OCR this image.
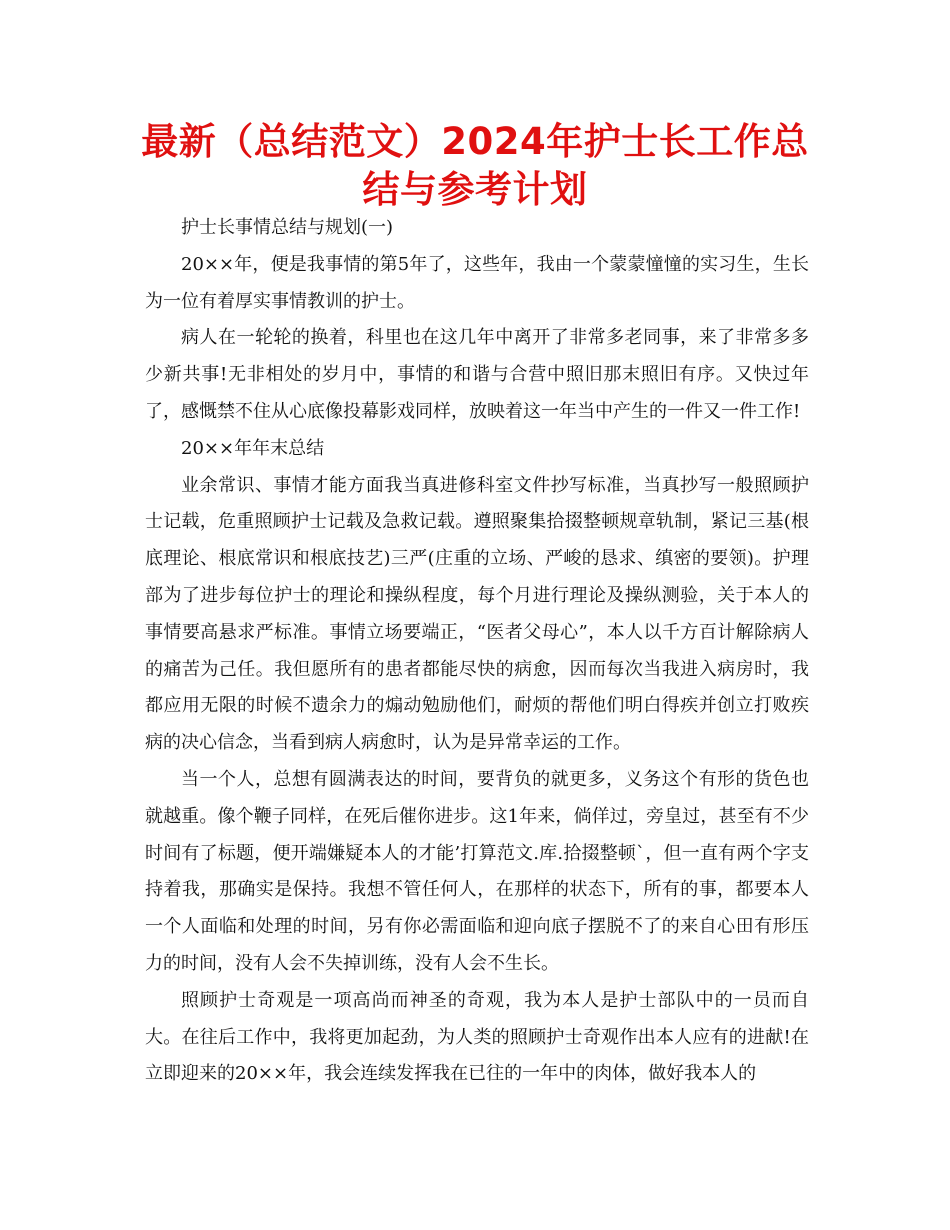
最新（总结范文）2024年护士长工作总结与参考计划

护士长事情总结与规划(一)

20××年，便是我事情的第5年了，这些年，我由一个蒙蒙憧憧的实习生，生长为一位有着厚实事情教训的护士。

病人在一轮轮的换着，科里也在这几年中离开了非常多老同事，来了非常多多少新共事!无非相处的岁月中，事情的和谐与合营中照旧那末照旧有序。又快过年了，感慨禁不住从心底像投幕影戏同样，放映着这一年当中产生的一件又一件工作!

20××年年末总结

业余常识、事情才能方面我当真进修科室文件抄写标准，当真抄写一般照顾护士记载，危重照顾护士记载及急救记载。遵照聚集拾掇整顿规章轨制，紧记三基(根底理论、根底常识和根底技艺)三严(庄重的立场、严峻的恳求、缜密的要领)。护理部为了进步每位护士的理论和操纵程度，每个月进行理论及操纵测验，关于本人的事情要高悬求严标准。事情立场要端正，“医者父母心”，本人以千方百计解除病人的痛苦为己任。我但愿所有的患者都能尽快的病愈，因而每次当我进入病房时，我都应用无限的时候不遗余力的煽动勉励他们，耐烦的帮他们明白得疾并创立打败疾病的决心信念，当看到病人病愈时，认为是异常幸运的工作。

当一个人，总想有圆满表达的时间，要背负的就更多，义务这个有形的货色也就越重。像个鞭子同样，在死后催你进步。这1年来，倘佯过，旁皇过，甚至有不少时间有了标题，便开端嫌疑本人的才能’打算范文.库.拾掇整顿`，但一直有两个字支持着我，那确实是保持。我想不管任何人，在那样的状态下，所有的事，都要本人一个人面临和处理的时间，另有你必需面临和迎向底子摆脱不了的来自心田有形压力的时间，没有人会不失掉训练，没有人会不生长。

照顾护士奇观是一项高尚而神圣的奇观，我为本人是护士部队中的一员而自大。在往后工作中，我将更加起劲，为人类的照顾护士奇观作出本人应有的进献!在立即迎来的20××年，我会连续发挥我在已往的一年中的肉体，做好我本人的
